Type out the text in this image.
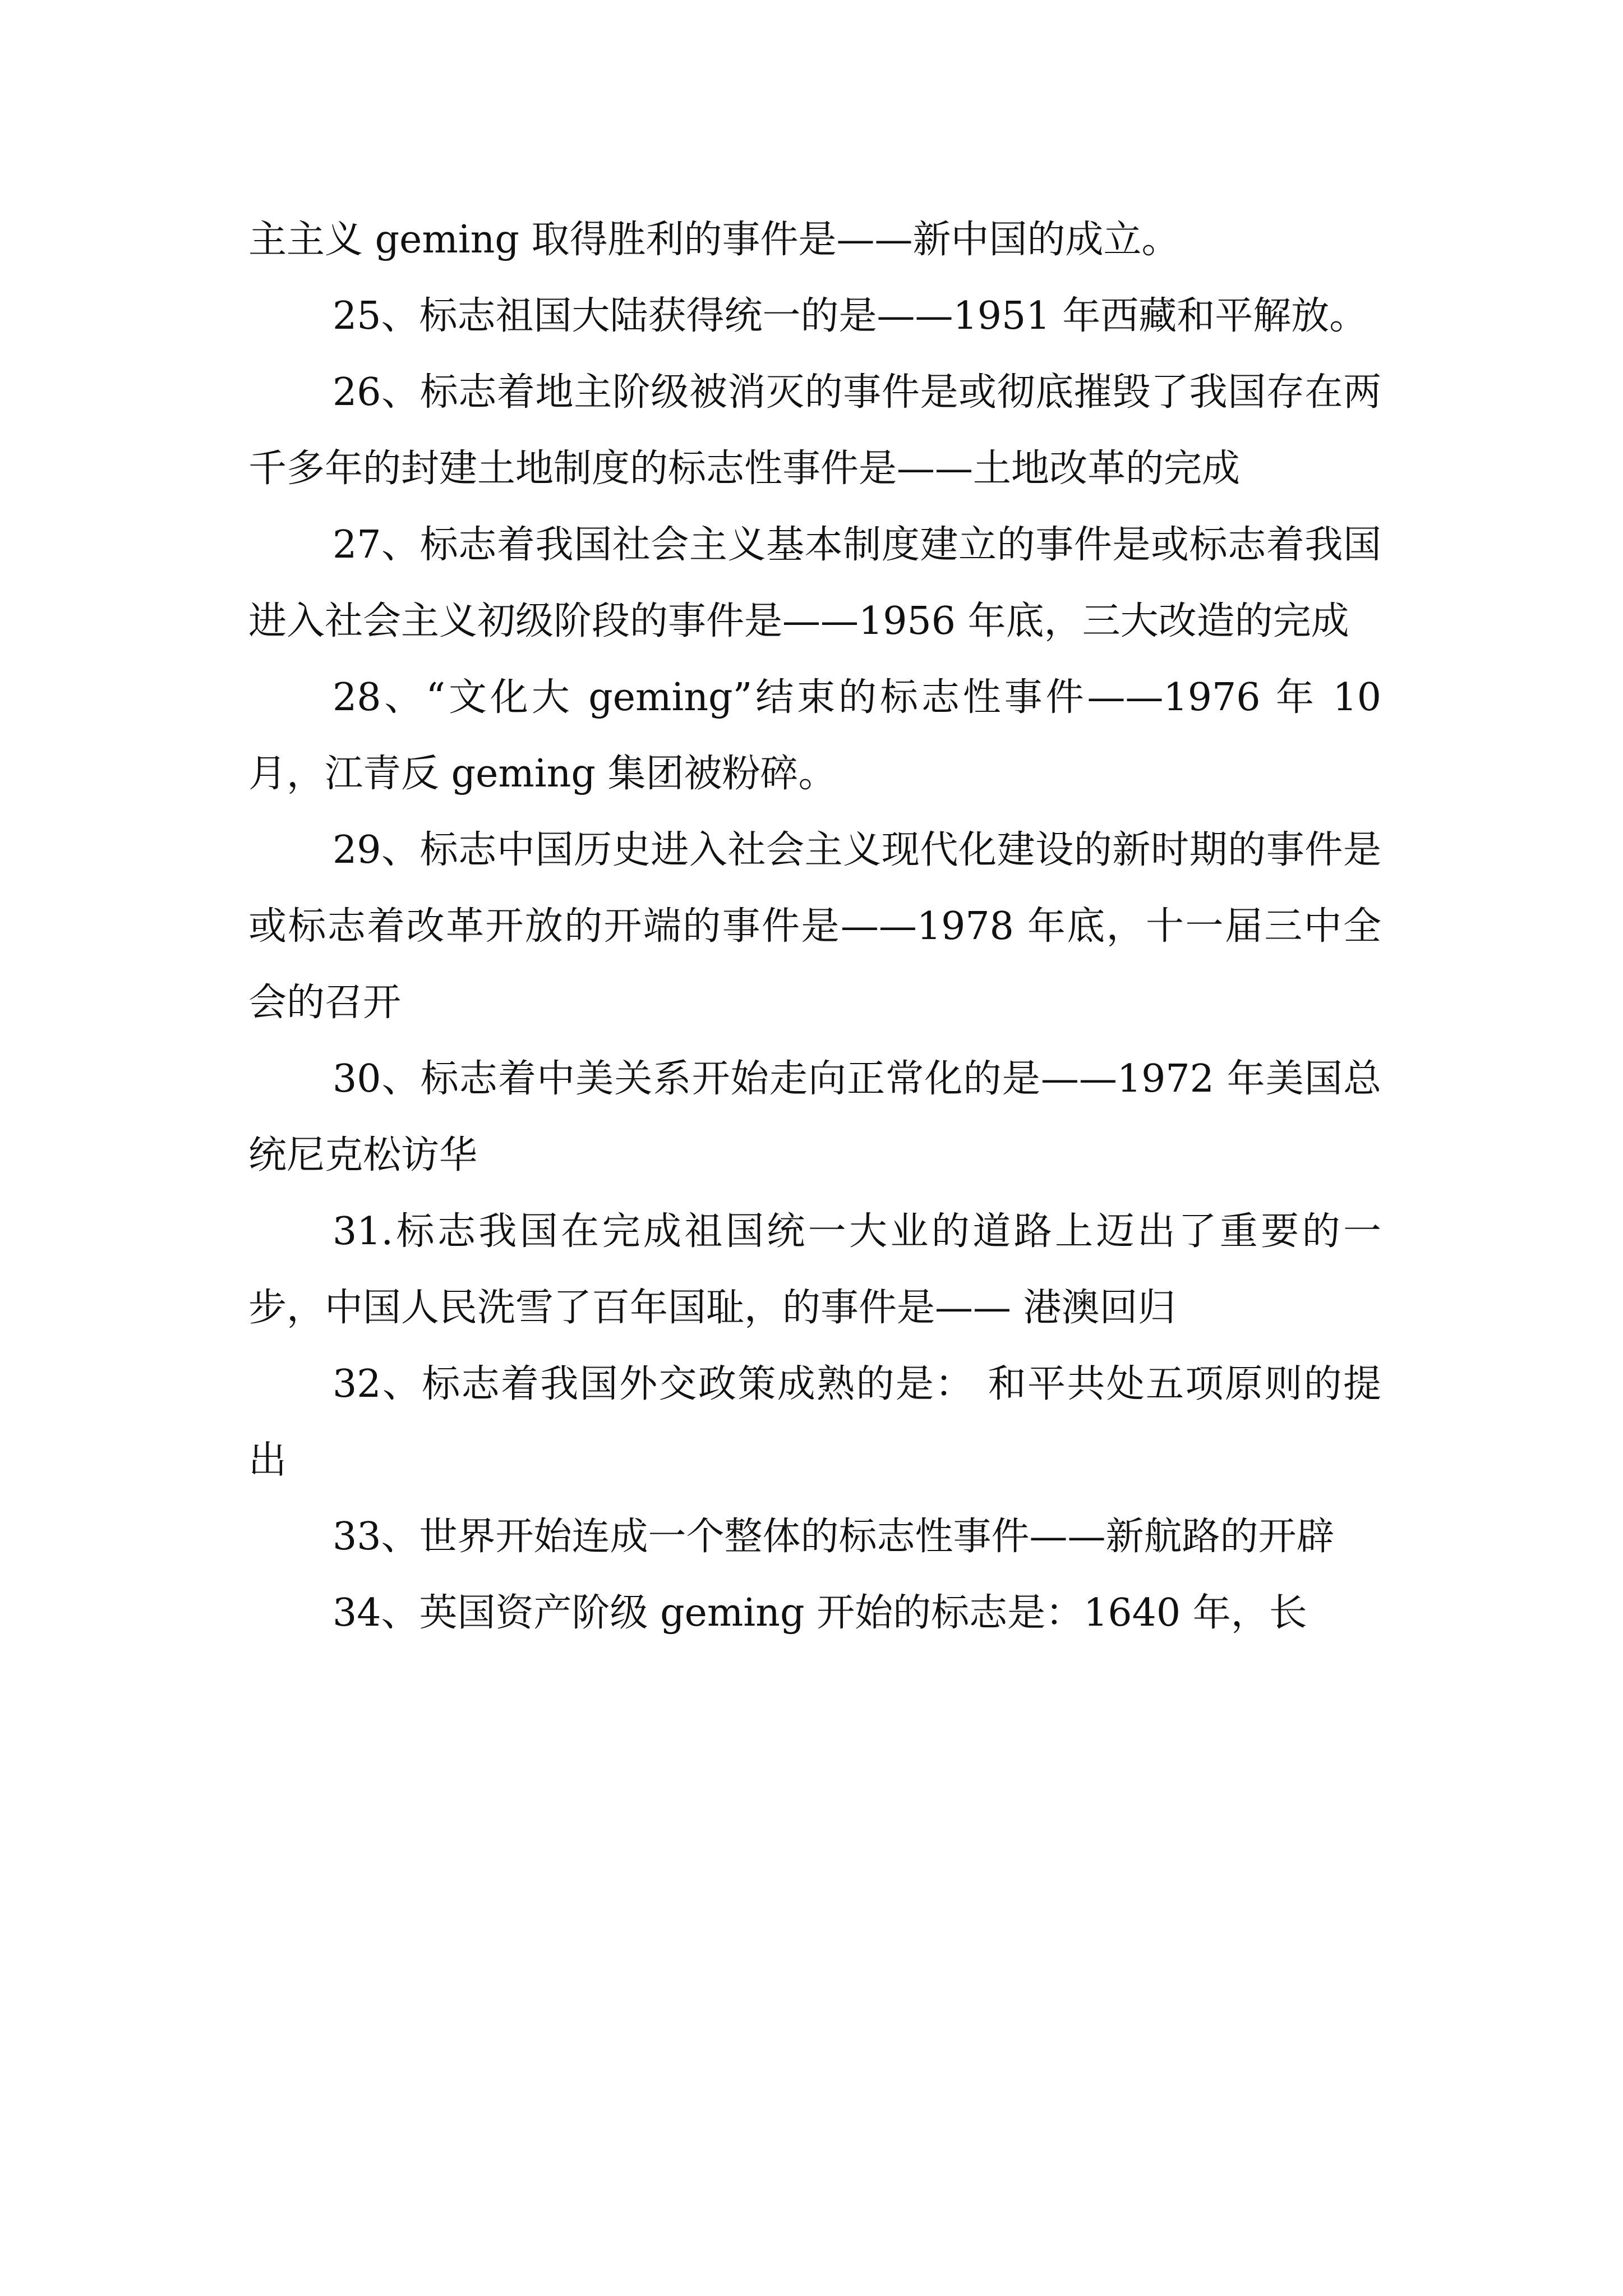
主主义 geming 取得胜利的事件是——新中国的成立。

25、标志祖国大陆获得统一的是——1951 年西藏和平解放。

26、标志着地主阶级被消灭的事件是或彻底摧毁了我国存在两千多年的封建土地制度的标志性事件是——土地改革的完成

27、标志着我国社会主义基本制度建立的事件是或标志着我国进入社会主义初级阶段的事件是——1956 年底，三大改造的完成

28、“文化大 geming”结束的标志性事件——1976 年 10 月，江青反 geming 集团被粉碎。

29、标志中国历史进入社会主义现代化建设的新时期的事件是或标志着改革开放的开端的事件是——1978 年底，十一届三中全会的召开

30、标志着中美关系开始走向正常化的是——1972 年美国总统尼克松访华

31.标志我国在完成祖国统一大业的道路上迈出了重要的一步，中国人民洗雪了百年国耻，的事件是—— 港澳回归

32、标志着我国外交政策成熟的是： 和平共处五项原则的提出

33、世界开始连成一个整体的标志性事件——新航路的开辟

34、英国资产阶级 geming 开始的标志是：1640 年，长
